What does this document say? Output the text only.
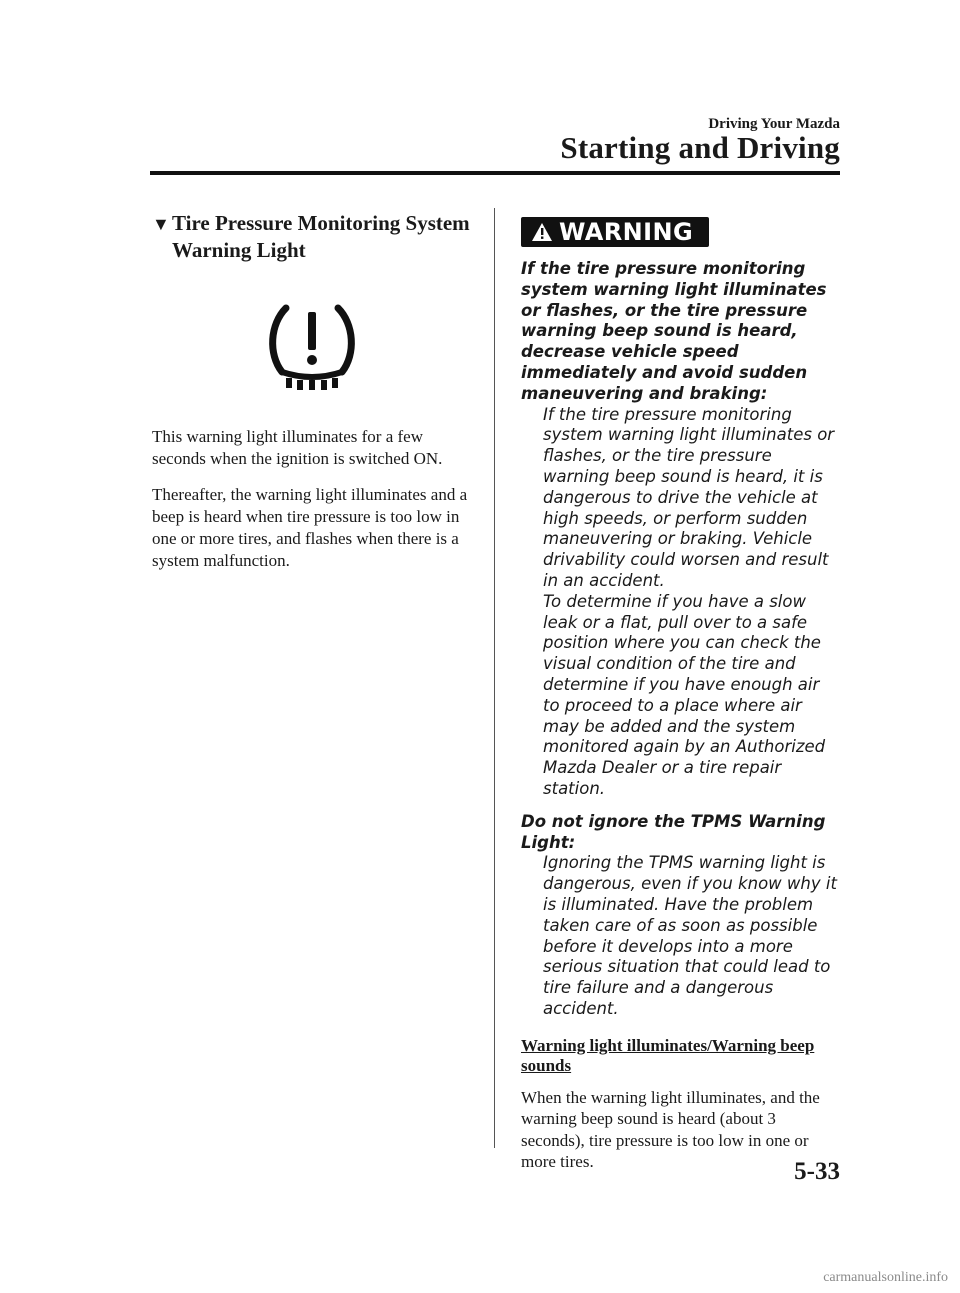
Driving Your Mazda
Starting and Driving
▼ Tire Pressure Monitoring System Warning Light

This warning light illuminates for a few seconds when the ignition is switched ON.

Thereafter, the warning light illuminates and a beep is heard when tire pressure is too low in one or more tires, and flashes when there is a system malfunction.

WARNING
If the tire pressure monitoring system warning light illuminates or flashes, or the tire pressure warning beep sound is heard, decrease vehicle speed immediately and avoid sudden maneuvering and braking:
If the tire pressure monitoring system warning light illuminates or flashes, or the tire pressure warning beep sound is heard, it is dangerous to drive the vehicle at high speeds, or perform sudden maneuvering or braking. Vehicle drivability could worsen and result in an accident.
To determine if you have a slow leak or a flat, pull over to a safe position where you can check the visual condition of the tire and determine if you have enough air to proceed to a place where air may be added and the system monitored again by an Authorized Mazda Dealer or a tire repair station.
Do not ignore the TPMS Warning Light:
Ignoring the TPMS warning light is dangerous, even if you know why it is illuminated. Have the problem taken care of as soon as possible before it develops into a more serious situation that could lead to tire failure and a dangerous accident.
Warning light illuminates/Warning beep sounds
When the warning light illuminates, and the warning beep sound is heard (about 3 seconds), tire pressure is too low in one or more tires.	5-33
carmanualsonline.info
